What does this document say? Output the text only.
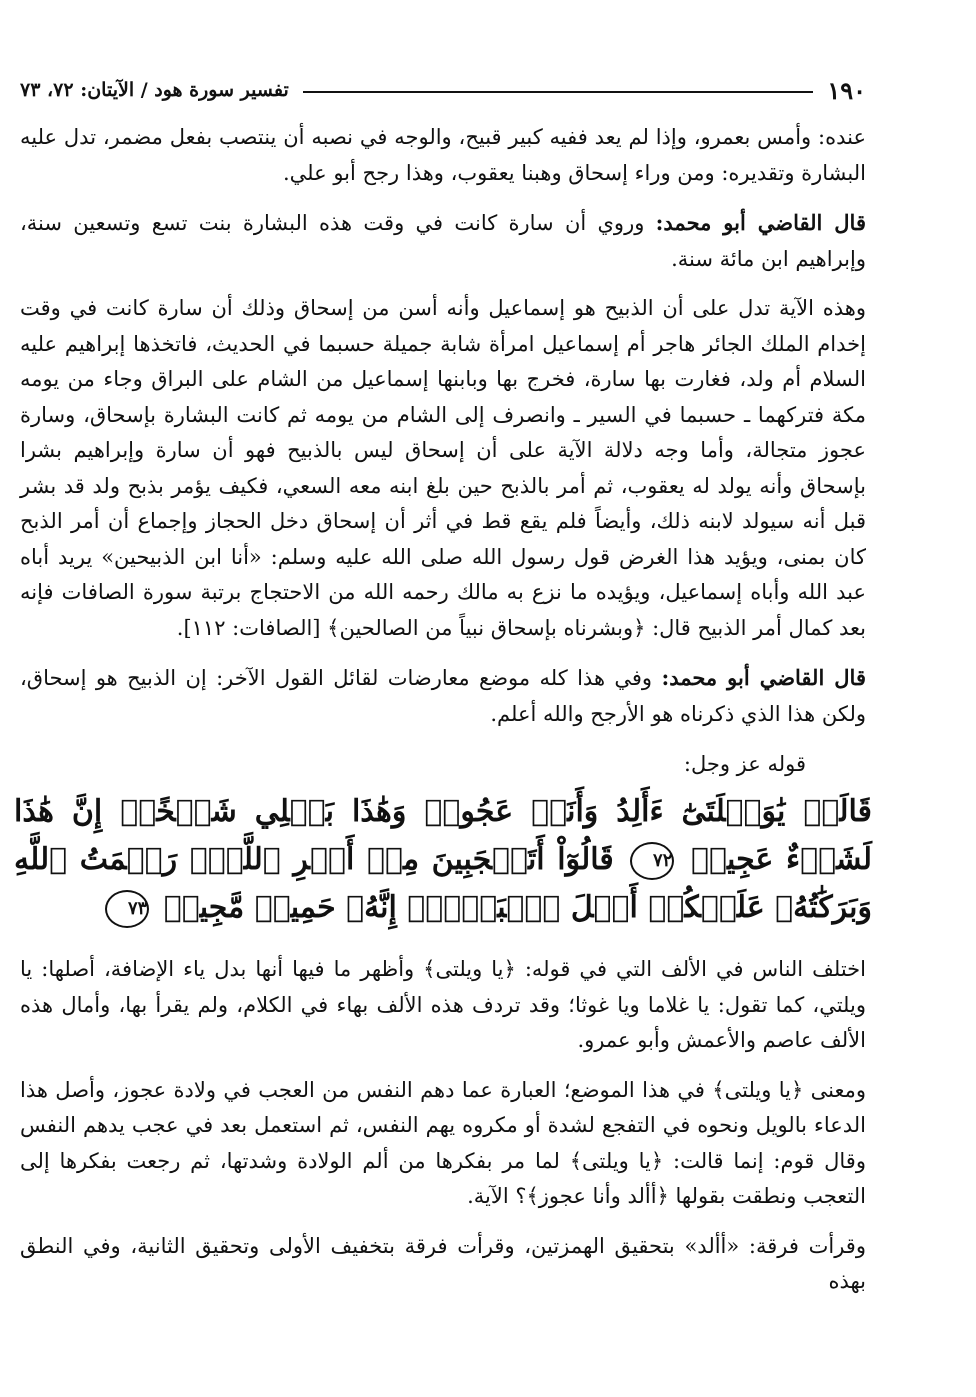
١٩٠
تفسير سورة هود / الآيتان: ٧٢، ٧٣

عنده: وأمس بعمرو، وإذا لم يعد ففيه كبير قبيح، والوجه في نصبه أن ينتصب بفعل مضمر، تدل عليه البشارة وتقديره: ومن وراء إسحاق وهبنا يعقوب، وهذا رجح أبو علي.

قال القاضي أبو محمد: وروي أن سارة كانت في وقت هذه البشارة بنت تسع وتسعين سنة، وإبراهيم ابن مائة سنة.

وهذه الآية تدل على أن الذبيح هو إسماعيل وأنه أسن من إسحاق وذلك أن سارة كانت في وقت إخدام الملك الجائر هاجر أم إسماعيل امرأة شابة جميلة حسبما في الحديث، فاتخذها إبراهيم عليه السلام أم ولد، فغارت بها سارة، فخرج بها وبابنها إسماعيل من الشام على البراق وجاء من يومه مكة فتركهما ـ حسبما في السير ـ وانصرف إلى الشام من يومه ثم كانت البشارة بإسحاق، وسارة عجوز متجالة، وأما وجه دلالة الآية على أن إسحاق ليس بالذبيح فهو أن سارة وإبراهيم بشرا بإسحاق وأنه يولد له يعقوب، ثم أمر بالذبح حين بلغ ابنه معه السعي، فكيف يؤمر بذبح ولد قد بشر قبل أنه سيولد لابنه ذلك، وأيضاً فلم يقع قط في أثر أن إسحاق دخل الحجاز وإجماع أن أمر الذبح كان بمنى، ويؤيد هذا الغرض قول رسول الله صلى الله عليه وسلم: «أنا ابن الذبيحين» يريد أباه عبد الله وأباه إسماعيل، ويؤيده ما نزع به مالك رحمه الله من الاحتجاج برتبة سورة الصافات فإنه بعد كمال أمر الذبيح قال: ﴿وبشرناه بإسحاق نبياً من الصالحين﴾ [الصافات: ١١٢].

قال القاضي أبو محمد: وفي هذا كله موضع معارضات لقائل القول الآخر: إن الذبيح هو إسحاق، ولكن هذا الذي ذكرناه هو الأرجح والله أعلم.

قوله عز وجل:
قَالَتۡ يَٰوَيۡلَتَىٰٓ ءَأَلِدُ وَأَنَا۠ عَجُوزٞ وَهَٰذَا بَعۡلِي شَيۡخًاۖ إِنَّ هَٰذَا لَشَيۡءٌ عَجِيبٞ ٧٢ قَالُوٓاْ أَتَعۡجَبِينَ مِنۡ أَمۡرِ ٱللَّهِۖ رَحۡمَتُ ٱللَّهِ وَبَرَكَٰتُهُۥ عَلَيۡكُمۡ أَهۡلَ ٱلۡبَيۡتِۚ إِنَّهُۥ حَمِيدٞ مَّجِيدٞ ٧٣

اختلف الناس في الألف التي في قوله: ﴿يا ويلتى﴾ وأظهر ما فيها أنها بدل ياء الإضافة، أصلها: يا ويلتي، كما تقول: يا غلاما ويا غوثا؛ وقد تردف هذه الألف بهاء في الكلام، ولم يقرأ بها، وأمال هذه الألف عاصم والأعمش وأبو عمرو.

ومعنى ﴿يا ويلتى﴾ في هذا الموضع؛ العبارة عما دهم النفس من العجب في ولادة عجوز، وأصل هذا الدعاء بالويل ونحوه في التفجع لشدة أو مكروه يهم النفس، ثم استعمل بعد في عجب يدهم النفس وقال قوم: إنما قالت: ﴿يا ويلتى﴾ لما مر بفكرها من ألم الولادة وشدتها، ثم رجعت بفكرها إلى التعجب ونطقت بقولها ﴿أألد وأنا عجوز﴾؟ الآية.

وقرأت فرقة: «أألد» بتحقيق الهمزتين، وقرأت فرقة بتخفيف الأولى وتحقيق الثانية، وفي النطق بهذه
